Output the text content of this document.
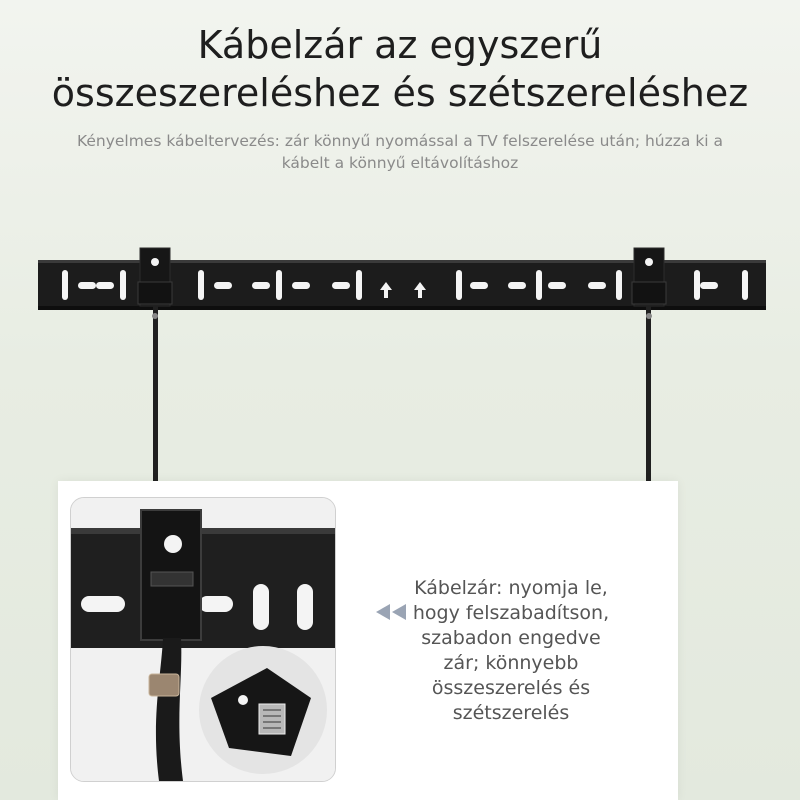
Kábelzár az egyszerű
összeszereléshez és szétszereléshez
Kényelmes kábeltervezés: zár könnyű nyomással a TV felszerelése után; húzza ki a
kábelt a könnyű eltávolításhoz
Kábelzár: nyomja le,
hogy felszabadítson,
szabadon engedve
zár; könnyebb
összeszerelés és
szétszerelés
